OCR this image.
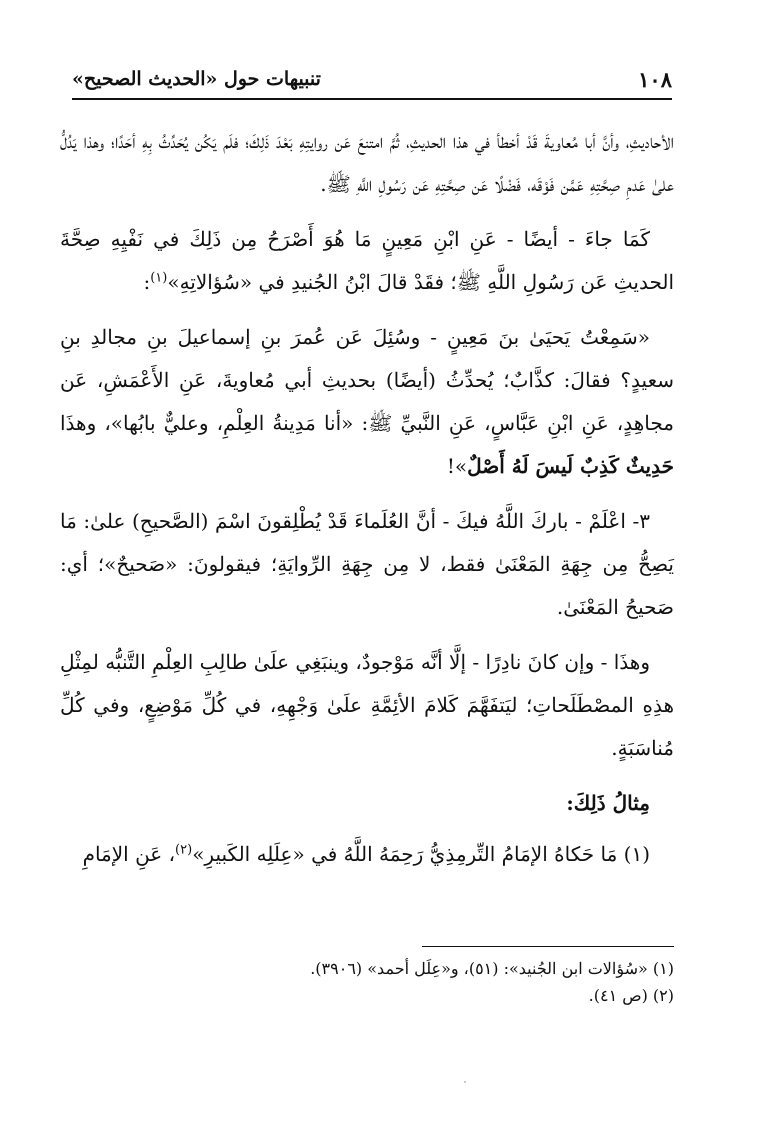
١٠٨
تنبيهات حول «الحديث الصحيح»

الأحاديثِ، وأنَّ أبا مُعاويةَ قَدْ أخطأ في هذا الحديثِ، ثُمَّ امتنعَ عَن روايتِهِ بَعْدَ ذَلِكَ؛ فلَم يَكُن يُحَدِّثُ بِهِ أحَدًا؛ وهذا يَدُلُّ علىٰ عَدمِ صِحَّتِهِ عَمَّن فَوْقَه، فَضْلًا عَن صِحَّتِهِ عَن رَسُولِ اللَّهِ ﷺ.

كَمَا جاءَ - أيضًا - عَنِ ابْنِ مَعِينٍ مَا هُوَ أَصْرَحُ مِن ذَلِكَ في نَفْيِهِ صِحَّةَ الحديثِ عَن رَسُولِ اللَّهِ ﷺ؛ فقَدْ قالَ ابْنُ الجُنيدِ في «سُؤالاتِهِ»$^{(١)}$:

«سَمِعْتُ يَحيَىٰ بنَ مَعِينٍ - وسُئِلَ عَن عُمرَ بنِ إسماعيلَ بنِ مجالدِ بنِ سعيدٍ؟ فقالَ: كذَّابٌ؛ يُحدِّثُ (أيضًا) بحديثِ أبي مُعاويةَ، عَنِ الأَعْمَشِ، عَن مجاهِدٍ، عَنِ ابْنِ عَبَّاسٍ، عَنِ النَّبيِّ ﷺ: «أنا مَدِينةُ العِلْمِ، وعليٌّ بابُها»، وهذَا حَدِيثٌ كَذِبٌ لَيسَ لَهُ أَصْلٌ»!

٣- اعْلَمْ - باركَ اللَّهُ فيكَ - أنَّ العُلَماءَ قَدْ يُطْلِقونَ اسْمَ (الصَّحيحِ) علىٰ: مَا يَصِحُّ مِن جِهَةِ المَعْنَىٰ فقط، لا مِن جِهَةِ الرِّوايَةِ؛ فيقولونَ: «صَحيحٌ»؛ أي: صَحيحُ المَعْنَىٰ.

وهذَا - وإن كانَ نادِرًا - إلَّا أنَّه مَوْجودٌ، وينبَغِي علَىٰ طالِبِ العِلْمِ التَّنبُّه لمِثْلِ هذِهِ المصْطَلَحاتِ؛ ليَتفَهَّمَ كَلامَ الأئِمَّةِ علَىٰ وَجْهِهِ، في كُلِّ مَوْضِعٍ، وفي كُلِّ مُناسَبَةٍ.

مِثالُ ذَلِكَ:

(١) مَا حَكاهُ الإمَامُ التِّرمِذِيُّ رَحِمَهُ اللَّهُ في «عِلَلِه الكَبيرِ»$^{(٢)}$، عَنِ الإمَامِ

(١) «سُؤالات ابن الجُنيد»: (٥١)، و«عِلَل أحمد» (٣٩٠٦).
(٢) (ص ٤١).
